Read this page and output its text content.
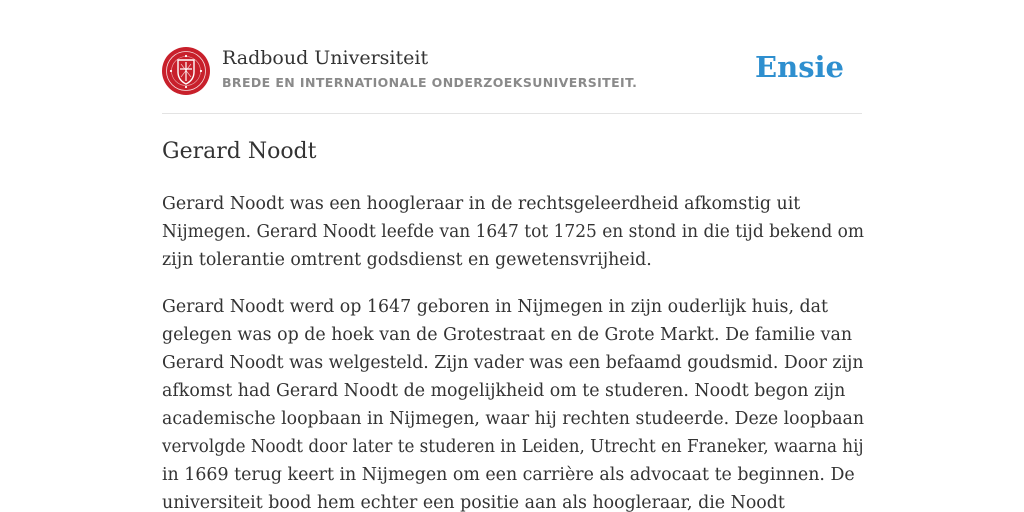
Radboud Universiteit
BREDE EN INTERNATIONALE ONDERZOEKSUNIVERSITEIT.	Ensie
Gerard Noodt

Gerard Noodt was een hoogleraar in de rechtsgeleerdheid afkomstig uit
Nijmegen. Gerard Noodt leefde van 1647 tot 1725 en stond in die tijd bekend om
zijn tolerantie omtrent godsdienst en gewetensvrijheid.

Gerard Noodt werd op 1647 geboren in Nijmegen in zijn ouderlijk huis, dat
gelegen was op de hoek van de Grotestraat en de Grote Markt. De familie van
Gerard Noodt was welgesteld. Zijn vader was een befaamd goudsmid. Door zijn
afkomst had Gerard Noodt de mogelijkheid om te studeren. Noodt begon zijn
academische loopbaan in Nijmegen, waar hij rechten studeerde. Deze loopbaan
vervolgde Noodt door later te studeren in Leiden, Utrecht en Franeker, waarna hij
in 1669 terug keert in Nijmegen om een carrière als advocaat te beginnen. De
universiteit bood hem echter een positie aan als hoogleraar, die Noodt
